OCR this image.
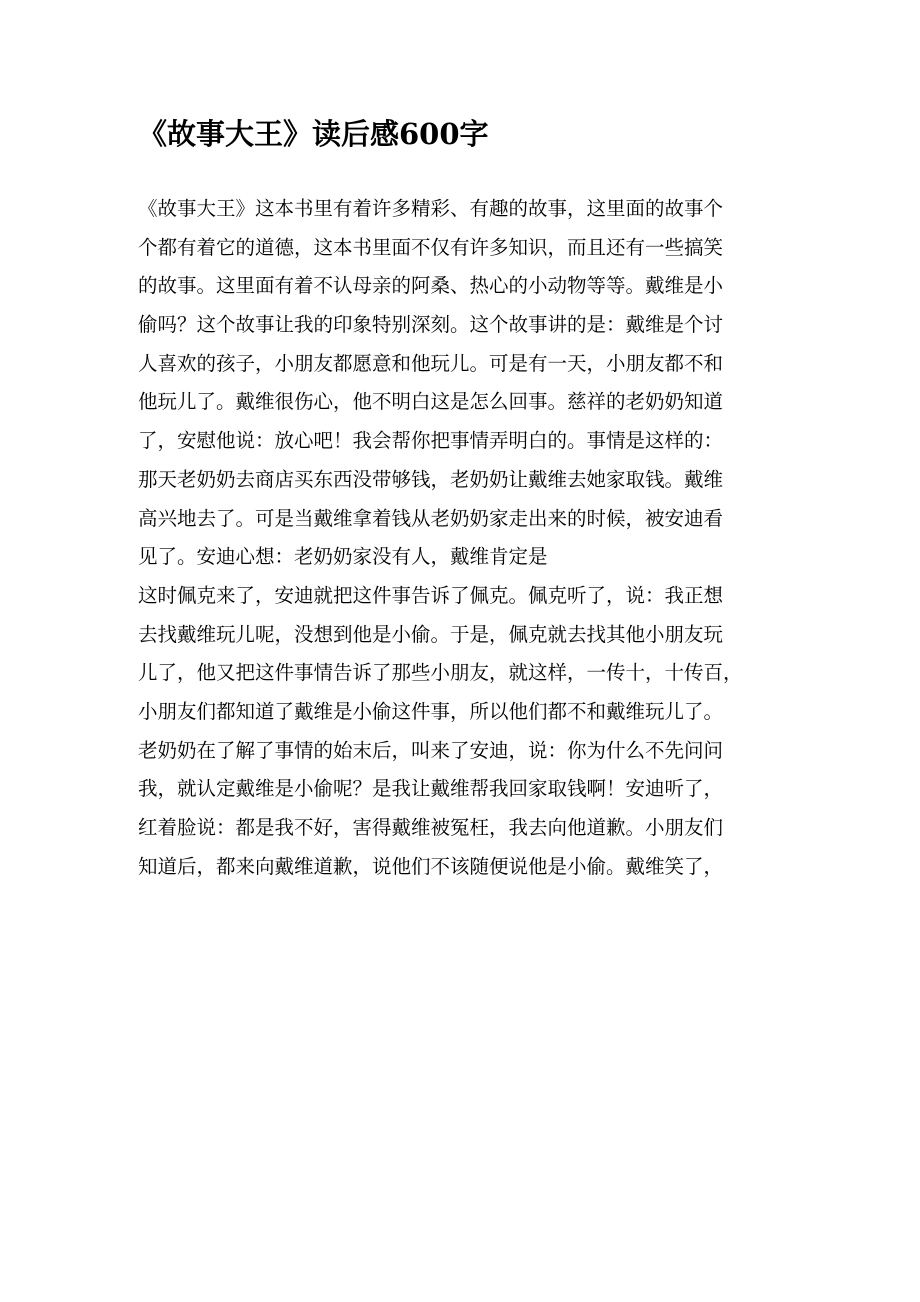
《故事大王》读后感600字
《故事大王》这本书里有着许多精彩、有趣的故事，这里面的故事个
个都有着它的道德，这本书里面不仅有许多知识，而且还有一些搞笑
的故事。这里面有着不认母亲的阿桑、热心的小动物等等。戴维是小
偷吗？这个故事让我的印象特别深刻。这个故事讲的是：戴维是个讨
人喜欢的孩子，小朋友都愿意和他玩儿。可是有一天，小朋友都不和
他玩儿了。戴维很伤心，他不明白这是怎么回事。慈祥的老奶奶知道
了，安慰他说：放心吧！我会帮你把事情弄明白的。事情是这样的：
那天老奶奶去商店买东西没带够钱，老奶奶让戴维去她家取钱。戴维
高兴地去了。可是当戴维拿着钱从老奶奶家走出来的时候，被安迪看
见了。安迪心想：老奶奶家没有人，戴维肯定是
这时佩克来了，安迪就把这件事告诉了佩克。佩克听了，说：我正想
去找戴维玩儿呢，没想到他是小偷。于是，佩克就去找其他小朋友玩
儿了，他又把这件事情告诉了那些小朋友，就这样，一传十，十传百，
小朋友们都知道了戴维是小偷这件事，所以他们都不和戴维玩儿了。
老奶奶在了解了事情的始末后，叫来了安迪，说：你为什么不先问问
我，就认定戴维是小偷呢？是我让戴维帮我回家取钱啊！安迪听了，
红着脸说：都是我不好，害得戴维被冤枉，我去向他道歉。小朋友们
知道后，都来向戴维道歉，说他们不该随便说他是小偷。戴维笑了，
